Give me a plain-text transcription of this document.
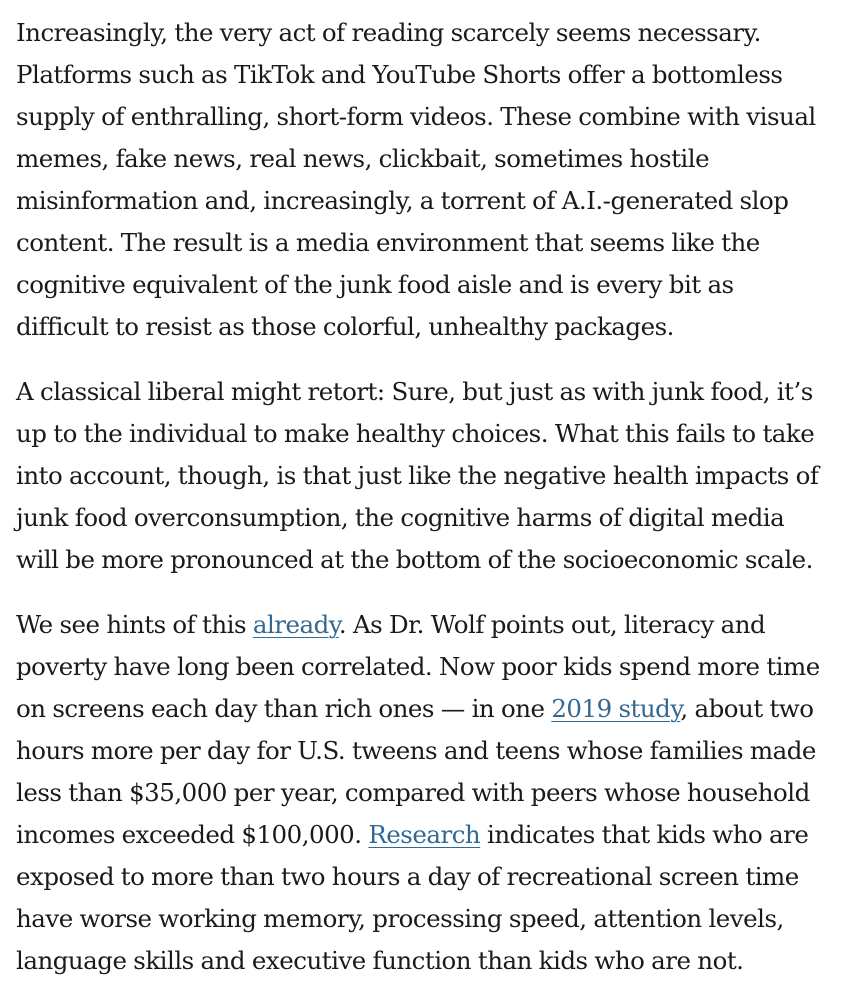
Increasingly, the very act of reading scarcely seems necessary.
Platforms such as TikTok and YouTube Shorts offer a bottomless
supply of enthralling, short-form videos. These combine with visual
memes, fake news, real news, clickbait, sometimes hostile
misinformation and, increasingly, a torrent of A.I.-generated slop
content. The result is a media environment that seems like the
cognitive equivalent of the junk food aisle and is every bit as
difficult to resist as those colorful, unhealthy packages.

A classical liberal might retort: Sure, but just as with junk food, it’s
up to the individual to make healthy choices. What this fails to take
into account, though, is that just like the negative health impacts of
junk food overconsumption, the cognitive harms of digital media
will be more pronounced at the bottom of the socioeconomic scale.

We see hints of this already. As Dr. Wolf points out, literacy and
poverty have long been correlated. Now poor kids spend more time
on screens each day than rich ones — in one 2019 study, about two
hours more per day for U.S. tweens and teens whose families made
less than $35,000 per year, compared with peers whose household
incomes exceeded $100,000. Research indicates that kids who are
exposed to more than two hours a day of recreational screen time
have worse working memory, processing speed, attention levels,
language skills and executive function than kids who are not.
